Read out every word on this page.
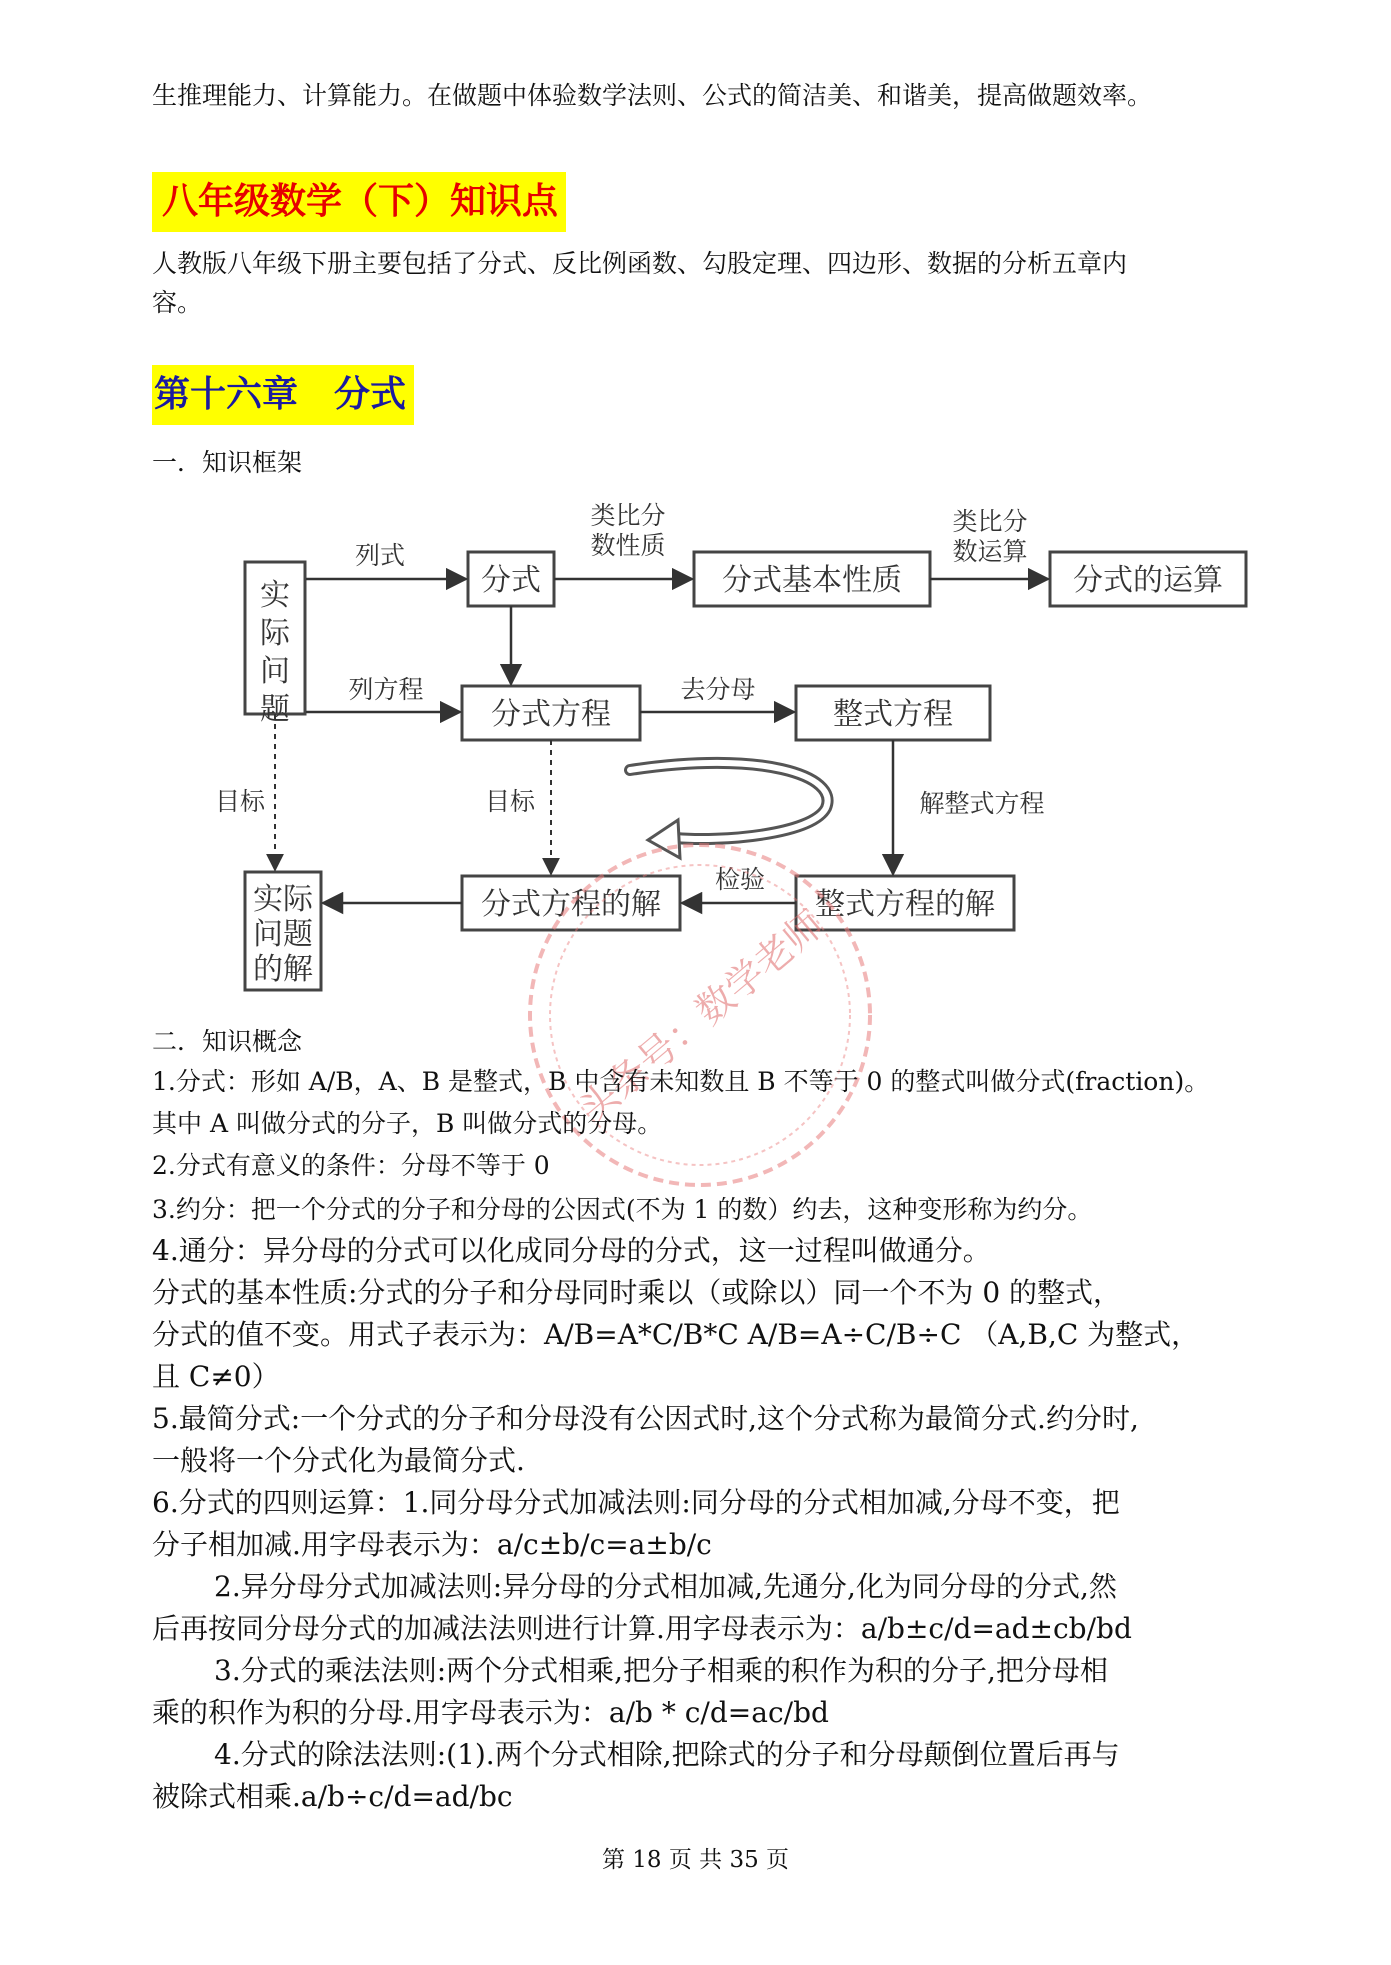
生推理能力、计算能力。在做题中体验数学法则、公式的简洁美、和谐美，提高做题效率。
八年级数学（下）知识点
人教版八年级下册主要包括了分式、反比例函数、勾股定理、四边形、数据的分析五章内
容。
第十六章　分式
一．知识框架
实
际
问
题
分式	分式基本性质	分式的运算
分式方程	整式方程
分式方程的解	整式方程的解
实际
问题
的解
列式
类比分
数性质
类比分
数运算
列方程	去分母
目标	目标	解整式方程
检验
头条号：数学老师
二．知识概念
1.分式：形如 A/B，A、B 是整式，B 中含有未知数且 B 不等于 0 的整式叫做分式(fraction)。
其中 A 叫做分式的分子，B 叫做分式的分母。
2.分式有意义的条件：分母不等于 0
3.约分：把一个分式的分子和分母的公因式(不为 1 的数）约去，这种变形称为约分。
4.通分：异分母的分式可以化成同分母的分式，这一过程叫做通分。
分式的基本性质:分式的分子和分母同时乘以（或除以）同一个不为 0 的整式，
分式的值不变。用式子表示为：A/B=A*C/B*C A/B=A÷C/B÷C （A,B,C 为整式，
且 C≠0）
5.最简分式:一个分式的分子和分母没有公因式时,这个分式称为最简分式.约分时,
一般将一个分式化为最简分式.
6.分式的四则运算：1.同分母分式加减法则:同分母的分式相加减,分母不变，把
分子相加减.用字母表示为：a/c±b/c=a±b/c
2.异分母分式加减法则:异分母的分式相加减,先通分,化为同分母的分式,然
后再按同分母分式的加减法法则进行计算.用字母表示为：a/b±c/d=ad±cb/bd
3.分式的乘法法则:两个分式相乘,把分子相乘的积作为积的分子,把分母相
乘的积作为积的分母.用字母表示为：a/b * c/d=ac/bd
4.分式的除法法则:(1).两个分式相除,把除式的分子和分母颠倒位置后再与
被除式相乘.a/b÷c/d=ad/bc
第 18 页 共 35 页
